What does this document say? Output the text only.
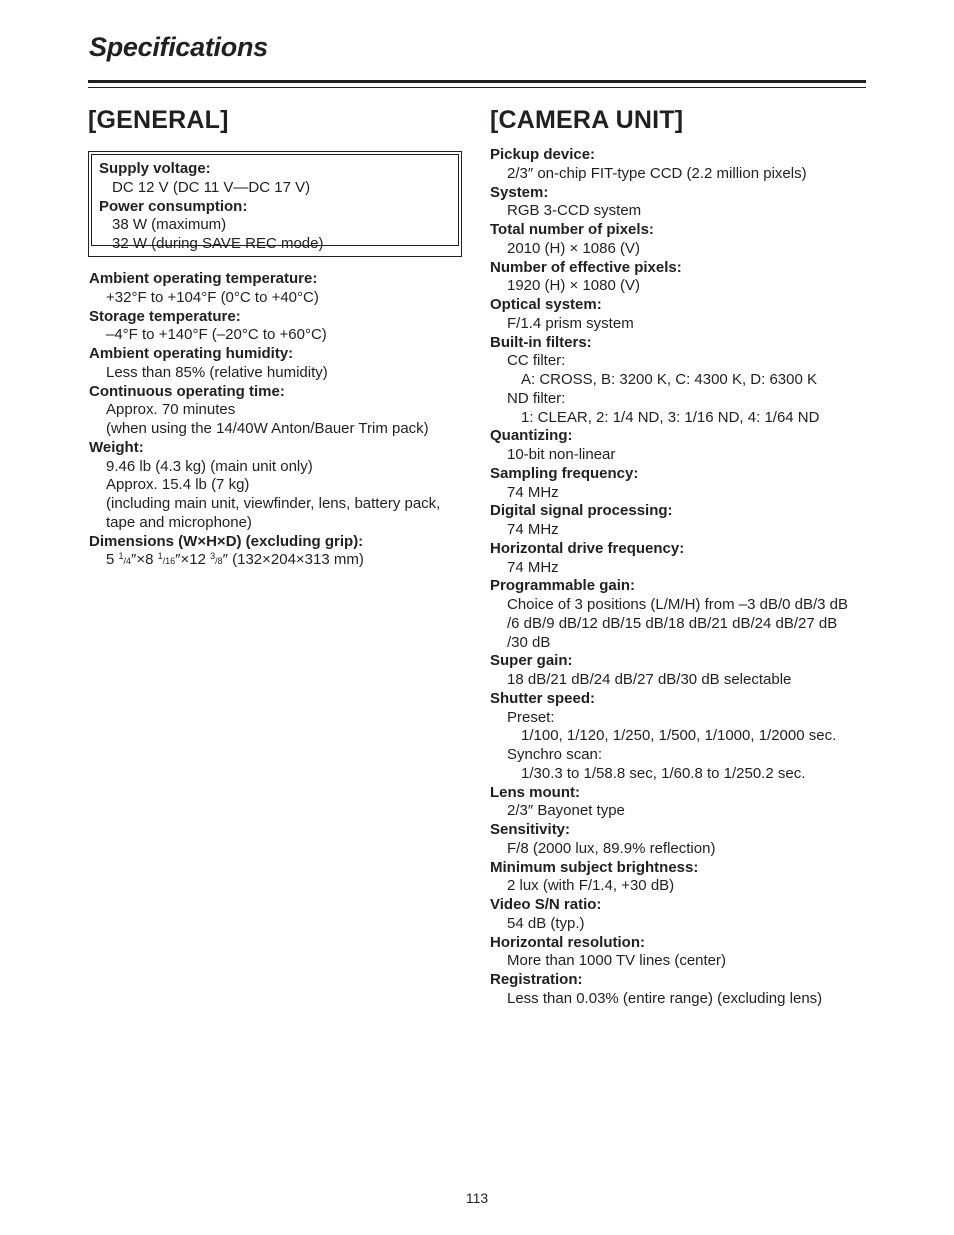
Specifications
[GENERAL]
Supply voltage:
DC 12 V (DC 11 V—DC 17 V)
Power consumption:
38 W (maximum)
32 W (during SAVE REC mode)
Ambient operating temperature:
+32°F to +104°F (0°C to +40°C)
Storage temperature:
–4°F to +140°F (–20°C to +60°C)
Ambient operating humidity:
Less than 85% (relative humidity)
Continuous operating time:
Approx. 70 minutes
(when using the 14/40W Anton/Bauer Trim pack)
Weight:
9.46 lb (4.3 kg) (main unit only)
Approx. 15.4 lb (7 kg)
(including main unit, viewfinder, lens, battery pack,
tape and microphone)
Dimensions (W×H×D) (excluding grip):
5 $^1$/4″×8 $^1$/16″×12 $^3$/8″ (132×204×313 mm)
[CAMERA UNIT]
Pickup device:
2/3″ on-chip FIT-type CCD (2.2 million pixels)
System:
RGB 3-CCD system
Total number of pixels:
2010 (H) × 1086 (V)
Number of effective pixels:
1920 (H) × 1080 (V)
Optical system:
F/1.4 prism system
Built-in filters:
CC filter:
A: CROSS, B: 3200 K, C: 4300 K, D: 6300 K
ND filter:
1: CLEAR, 2: 1/4 ND, 3: 1/16 ND, 4: 1/64 ND
Quantizing:
10-bit non-linear
Sampling frequency:
74 MHz
Digital signal processing:
74 MHz
Horizontal drive frequency:
74 MHz
Programmable gain:
Choice of 3 positions (L/M/H) from –3 dB/0 dB/3 dB
/6 dB/9 dB/12 dB/15 dB/18 dB/21 dB/24 dB/27 dB
/30 dB
Super gain:
18 dB/21 dB/24 dB/27 dB/30 dB selectable
Shutter speed:
Preset:
1/100, 1/120, 1/250, 1/500, 1/1000, 1/2000 sec.
Synchro scan:
1/30.3 to 1/58.8 sec, 1/60.8 to 1/250.2 sec.
Lens mount:
2/3″ Bayonet type
Sensitivity:
F/8 (2000 lux, 89.9% reflection)
Minimum subject brightness:
2 lux (with F/1.4, +30 dB)
Video S/N ratio:
54 dB (typ.)
Horizontal resolution:
More than 1000 TV lines (center)
Registration:
Less than 0.03% (entire range) (excluding lens)
113
